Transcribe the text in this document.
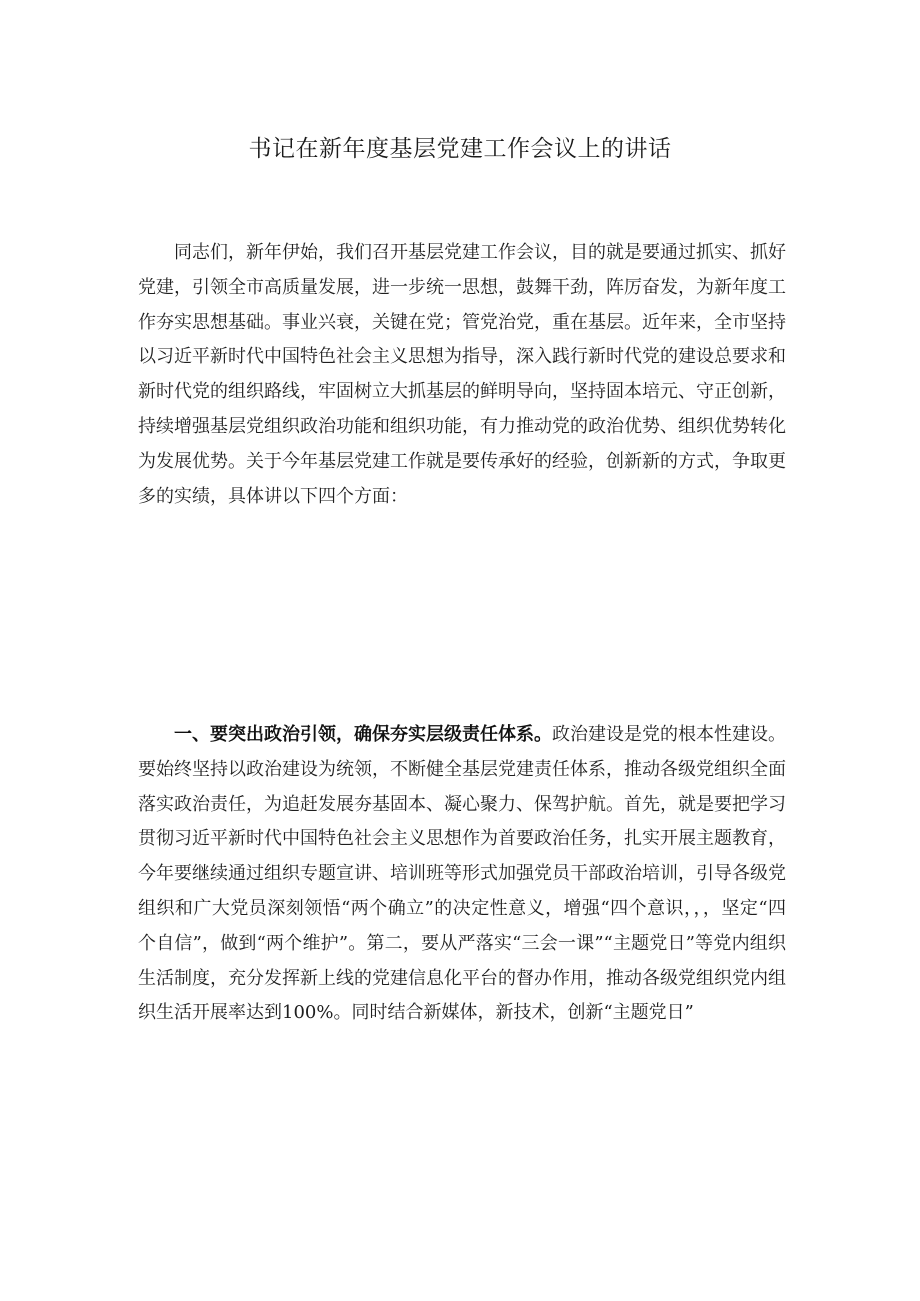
书记在新年度基层党建工作会议上的讲话

同志们，新年伊始，我们召开基层党建工作会议，目的就是要通过抓实、抓好党建，引领全市高质量发展，进一步统一思想，鼓舞干劲，阵厉奋发，为新年度工作夯实思想基础。事业兴衰，关键在党；管党治党，重在基层。近年来，全市坚持以习近平新时代中国特色社会主义思想为指导，深入践行新时代党的建设总要求和新时代党的组织路线，牢固树立大抓基层的鲜明导向，坚持固本培元、守正创新，持续增强基层党组织政治功能和组织功能，有力推动党的政治优势、组织优势转化为发展优势。关于今年基层党建工作就是要传承好的经验，创新新的方式，争取更多的实绩，具体讲以下四个方面：

一、要突出政治引领，确保夯实层级责任体系。政治建设是党的根本性建设。要始终坚持以政治建设为统领，不断健全基层党建责任体系，推动各级党组织全面落实政治责任，为追赶发展夯基固本、凝心聚力、保驾护航。首先，就是要把学习贯彻习近平新时代中国特色社会主义思想作为首要政治任务，扎实开展主题教育，今年要继续通过组织专题宣讲、培训班等形式加强党员干部政治培训，引导各级党组织和广大党员深刻领悟“两个确立”的决定性意义，增强“四个意识，，，坚定“四个自信”，做到“两个维护”。第二，要从严落实“三会一课”“主题党日”等党内组织生活制度，充分发挥新上线的党建信息化平台的督办作用，推动各级党组织党内组织生活开展率达到100%。同时结合新媒体，新技术，创新“主题党日”
